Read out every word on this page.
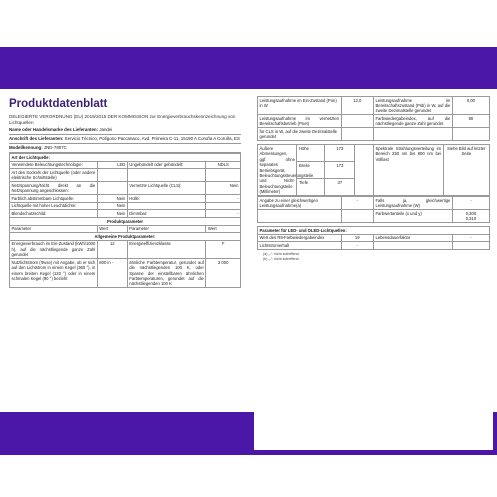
Produktdatenblatt
DELEGIERTE VERORDNUNG (EU) 2019/2015 DER KOMMISSION zur Energieverbrauchskennzeichnung von Lichtquellen
Name oder Handelsmarke des Lieferanten: Jandei
Anschrift des Lieferanten: Servicio Técnico, Polígono Paccanaco, Avd. Primeira C-11, 15190 A Coruña A Coruña, ES
Modellkennung: JND-7807C
Art der Lichtquelle:			
Verwendete Beleuchtungstechnologie:	LED	Ungebündelt oder gebündelt:	NDLS
Art des Sockels der Lichtquelle (oder andere elektrische Schnittstelle)			
Netzspannung/Nicht direkt an die Netzspannung angeschlossen:		Vernetzte Lichtquelle (CLS):	Nein
Farblich abstimmbare Lichtquelle:	Nein	Hülle:	-
Lichtquelle mit hoher Leuchtdichte:	Nein		
Blendschutzschild:	Nein	Dimmbar:	-
Produktparameter			
Parameter	Wert	Parameter	Wert
Allgemeine Produktparameter:			
Energieverbrauch im Ein-Zustand (kWh/1000 h), auf die nächstliegende ganze Zahl gerundet	12	Energieeffizienzklasse	F
Nutzlichtstrom (Φuse) mit Angabe, ob er sich auf den Lichtstrom in einem Kegel (360 °), in einem breiten Kegel (120 °) oder in einem schmalen Kegel (90 °) bezieht	800 in -	ähnliche Farbtemperatur, gerundet auf die nächstliegenden 100 K, oder Spanne der einstellbaren ähnlichen Farbtemperaturen, gerundet auf die nächstliegenden 100 K	3 000
Leistungsaufnahme im Ein-Zustand (Pon) in W	12,0	Leistungsaufnahme im Bereitschaftszustand (Psb) in W, auf die zweite Dezimalstelle gerundet	0,00
Leistungsaufnahme im vernetzten Bereitschaftsbetrieb (Pnet)		Farbwiedergabeindex, auf die nächstliegende ganze Zahl gerundet	80
für CLS in W, auf die zweite Dezimalstelle gerundet			
Äußere Abmessungen, ggf. ohne separates Betriebsgerät, Beleuchtungssteuerungsteile und Nicht-Beleuchtungsteile (Millimeter)	Höhe	173		Spektrale Strahlungsverteilung im Bereich 250 nm bis 800 nm bei Volllast	Siehe Bild auf letzter Seite
	Breite	173			
	Tiefe	37			
Angabe zu einer gleichwertigen Leistungsaufnahme(a)	-	Falls ja, gleichwertige Leistungsaufnahme (W)	-
		Farbwertanteile (x und y)	0,300
0,310
Parameter für LED- und OLED-Lichtquellen:			
Wert des R9-Farbwiedergabeindex	19	Lebensdauerfaktor	-
Lichtstromerhalt	-		
(a) „-“: nicht zutreffend;
(b) „-“: nicht zutreffend.
